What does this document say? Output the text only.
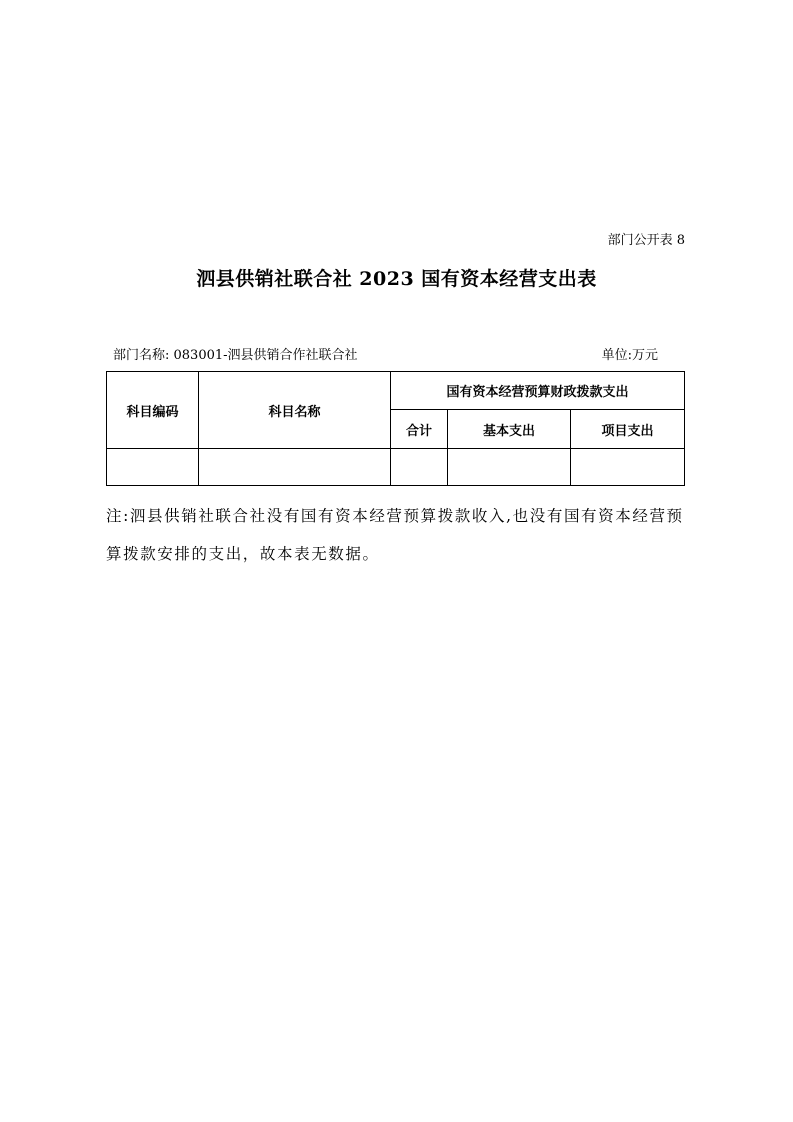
部门公开表 8
泗县供销社联合社 2023 国有资本经营支出表
部门名称: 083001-泗县供销合作社联合社	单位:万元
科目编码	科目名称	国有资本经营预算财政拨款支出		
		合计	基本支出	项目支出

注:泗县供销社联合社没有国有资本经营预算拨款收入,也没有国有资本经营预算拨款安排的支出，故本表无数据。
